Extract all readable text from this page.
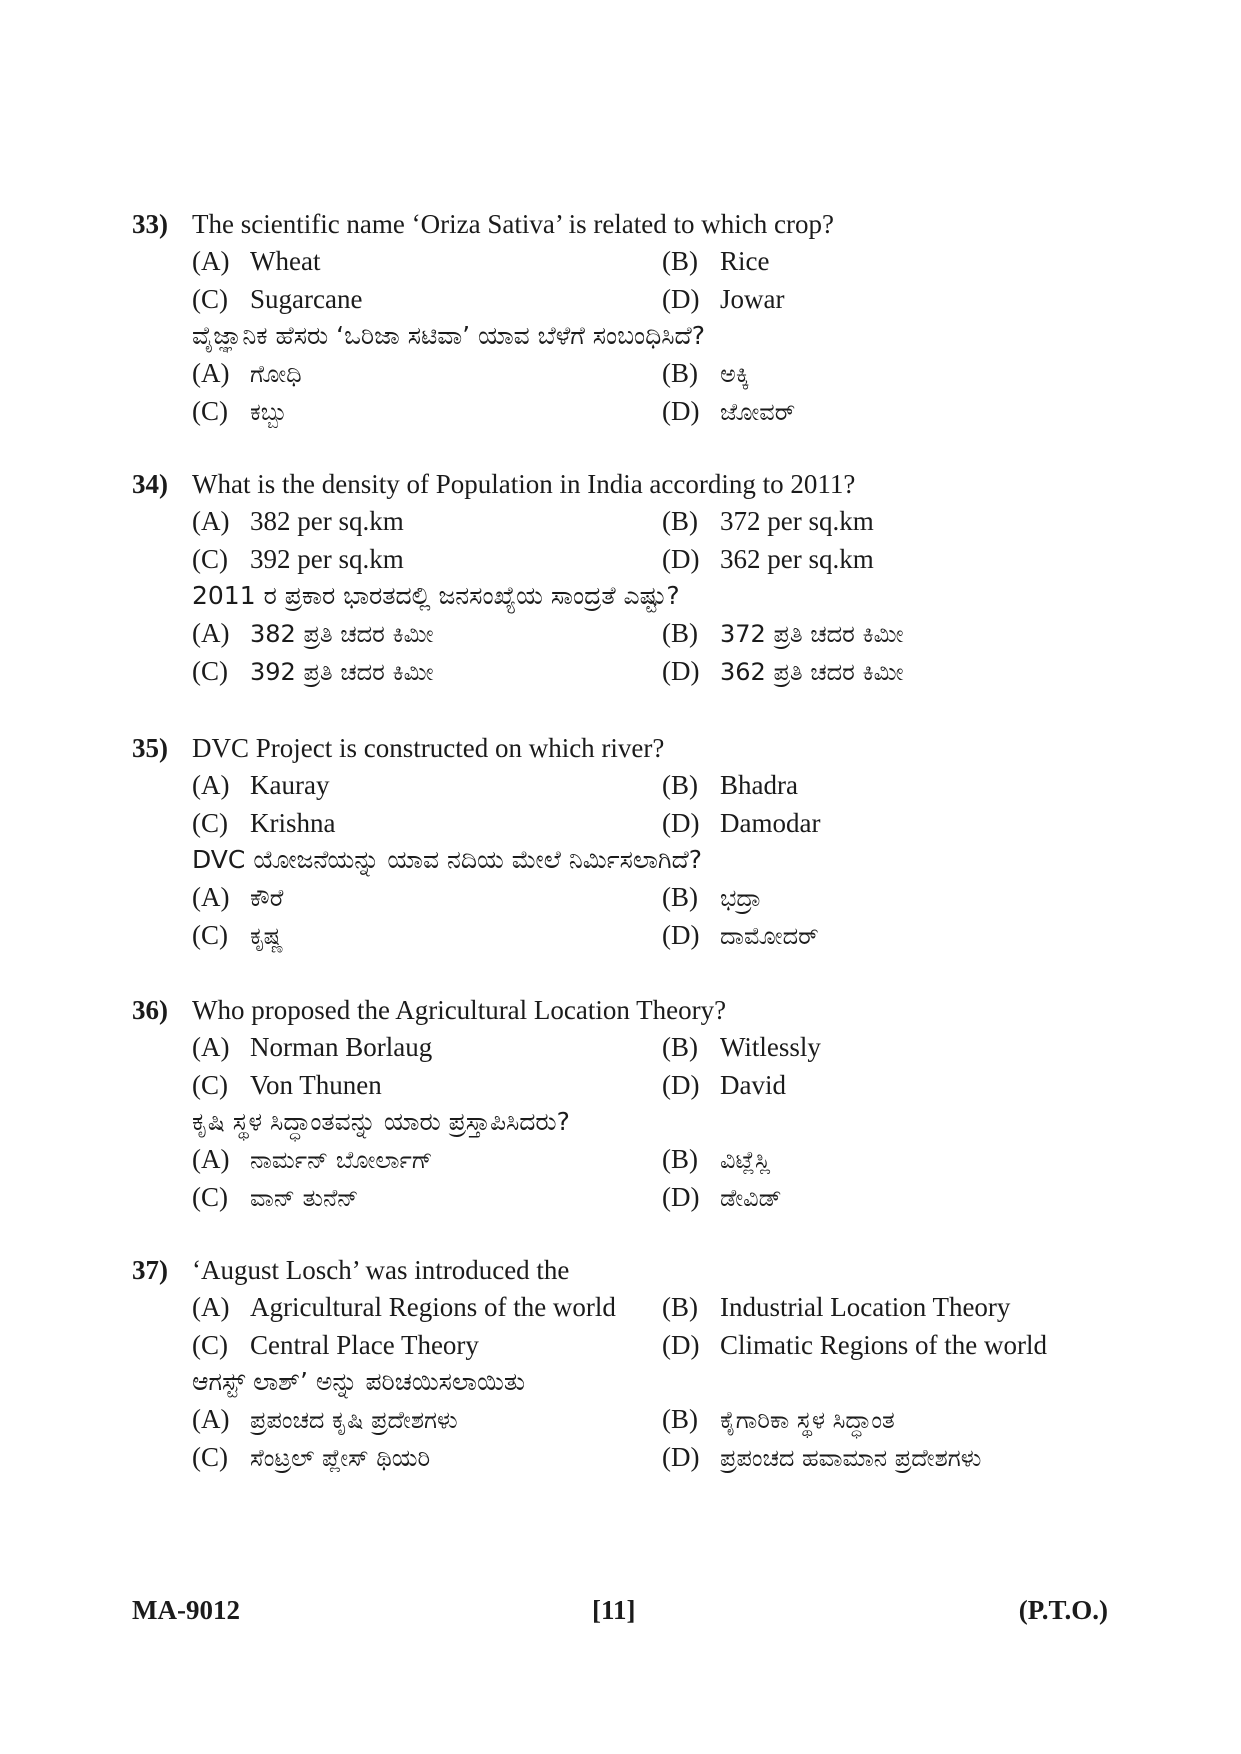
33) The scientific name ‘Oriza Sativa’ is related to which crop?
(A) Wheat	(B) Rice
(C) Sugarcane	(D) Jowar
ವೈಜ್ಞಾನಿಕ ಹೆಸರು ‘ಒರಿಜಾ ಸಟಿವಾ’ ಯಾವ ಬೆಳೆಗೆ ಸಂಬಂಧಿಸಿದೆ?
(A) ಗೋಧಿ	(B) ಅಕ್ಕಿ
(C) ಕಬ್ಬು	(D) ಜೋವರ್
34) What is the density of Population in India according to 2011?
(A) 382 per sq.km	(B) 372 per sq.km
(C) 392 per sq.km	(D) 362 per sq.km
2011 ರ ಪ್ರಕಾರ ಭಾರತದಲ್ಲಿ ಜನಸಂಖ್ಯೆಯ ಸಾಂದ್ರತೆ ಎಷ್ಟು?
(A) 382 ಪ್ರತಿ ಚದರ ಕಿಮೀ	(B) 372 ಪ್ರತಿ ಚದರ ಕಿಮೀ
(C) 392 ಪ್ರತಿ ಚದರ ಕಿಮೀ	(D) 362 ಪ್ರತಿ ಚದರ ಕಿಮೀ
35) DVC Project is constructed on which river?
(A) Kauray	(B) Bhadra
(C) Krishna	(D) Damodar
DVC ಯೋಜನೆಯನ್ನು ಯಾವ ನದಿಯ ಮೇಲೆ ನಿರ್ಮಿಸಲಾಗಿದೆ?
(A) ಕೌರೆ	(B) ಭದ್ರಾ
(C) ಕೃಷ್ಣ	(D) ದಾಮೋದರ್
36) Who proposed the Agricultural Location Theory?
(A) Norman Borlaug	(B) Witlessly
(C) Von Thunen	(D) David
ಕೃಷಿ ಸ್ಥಳ ಸಿದ್ಧಾಂತವನ್ನು ಯಾರು ಪ್ರಸ್ತಾಪಿಸಿದರು?
(A) ನಾರ್ಮನ್ ಬೋರ್ಲಾಗ್	(B) ವಿಟ್ಲೆಸ್ಲಿ
(C) ವಾನ್ ತುನೆನ್	(D) ಡೇವಿಡ್
37) ‘August Losch’ was introduced the
(A) Agricultural Regions of the world (B) Industrial Location Theory
(C) Central Place Theory	(D) Climatic Regions of the world
ಆಗಸ್ಟ್ ಲಾಶ್’ ಅನ್ನು ಪರಿಚಯಿಸಲಾಯಿತು
(A) ಪ್ರಪಂಚದ ಕೃಷಿ ಪ್ರದೇಶಗಳು	(B) ಕೈಗಾರಿಕಾ ಸ್ಥಳ ಸಿದ್ಧಾಂತ
(C) ಸೆಂಟ್ರಲ್ ಪ್ಲೇಸ್ ಥಿಯರಿ	(D) ಪ್ರಪಂಚದ ಹವಾಮಾನ ಪ್ರದೇಶಗಳು
MA-9012	[11]	(P.T.O.)
